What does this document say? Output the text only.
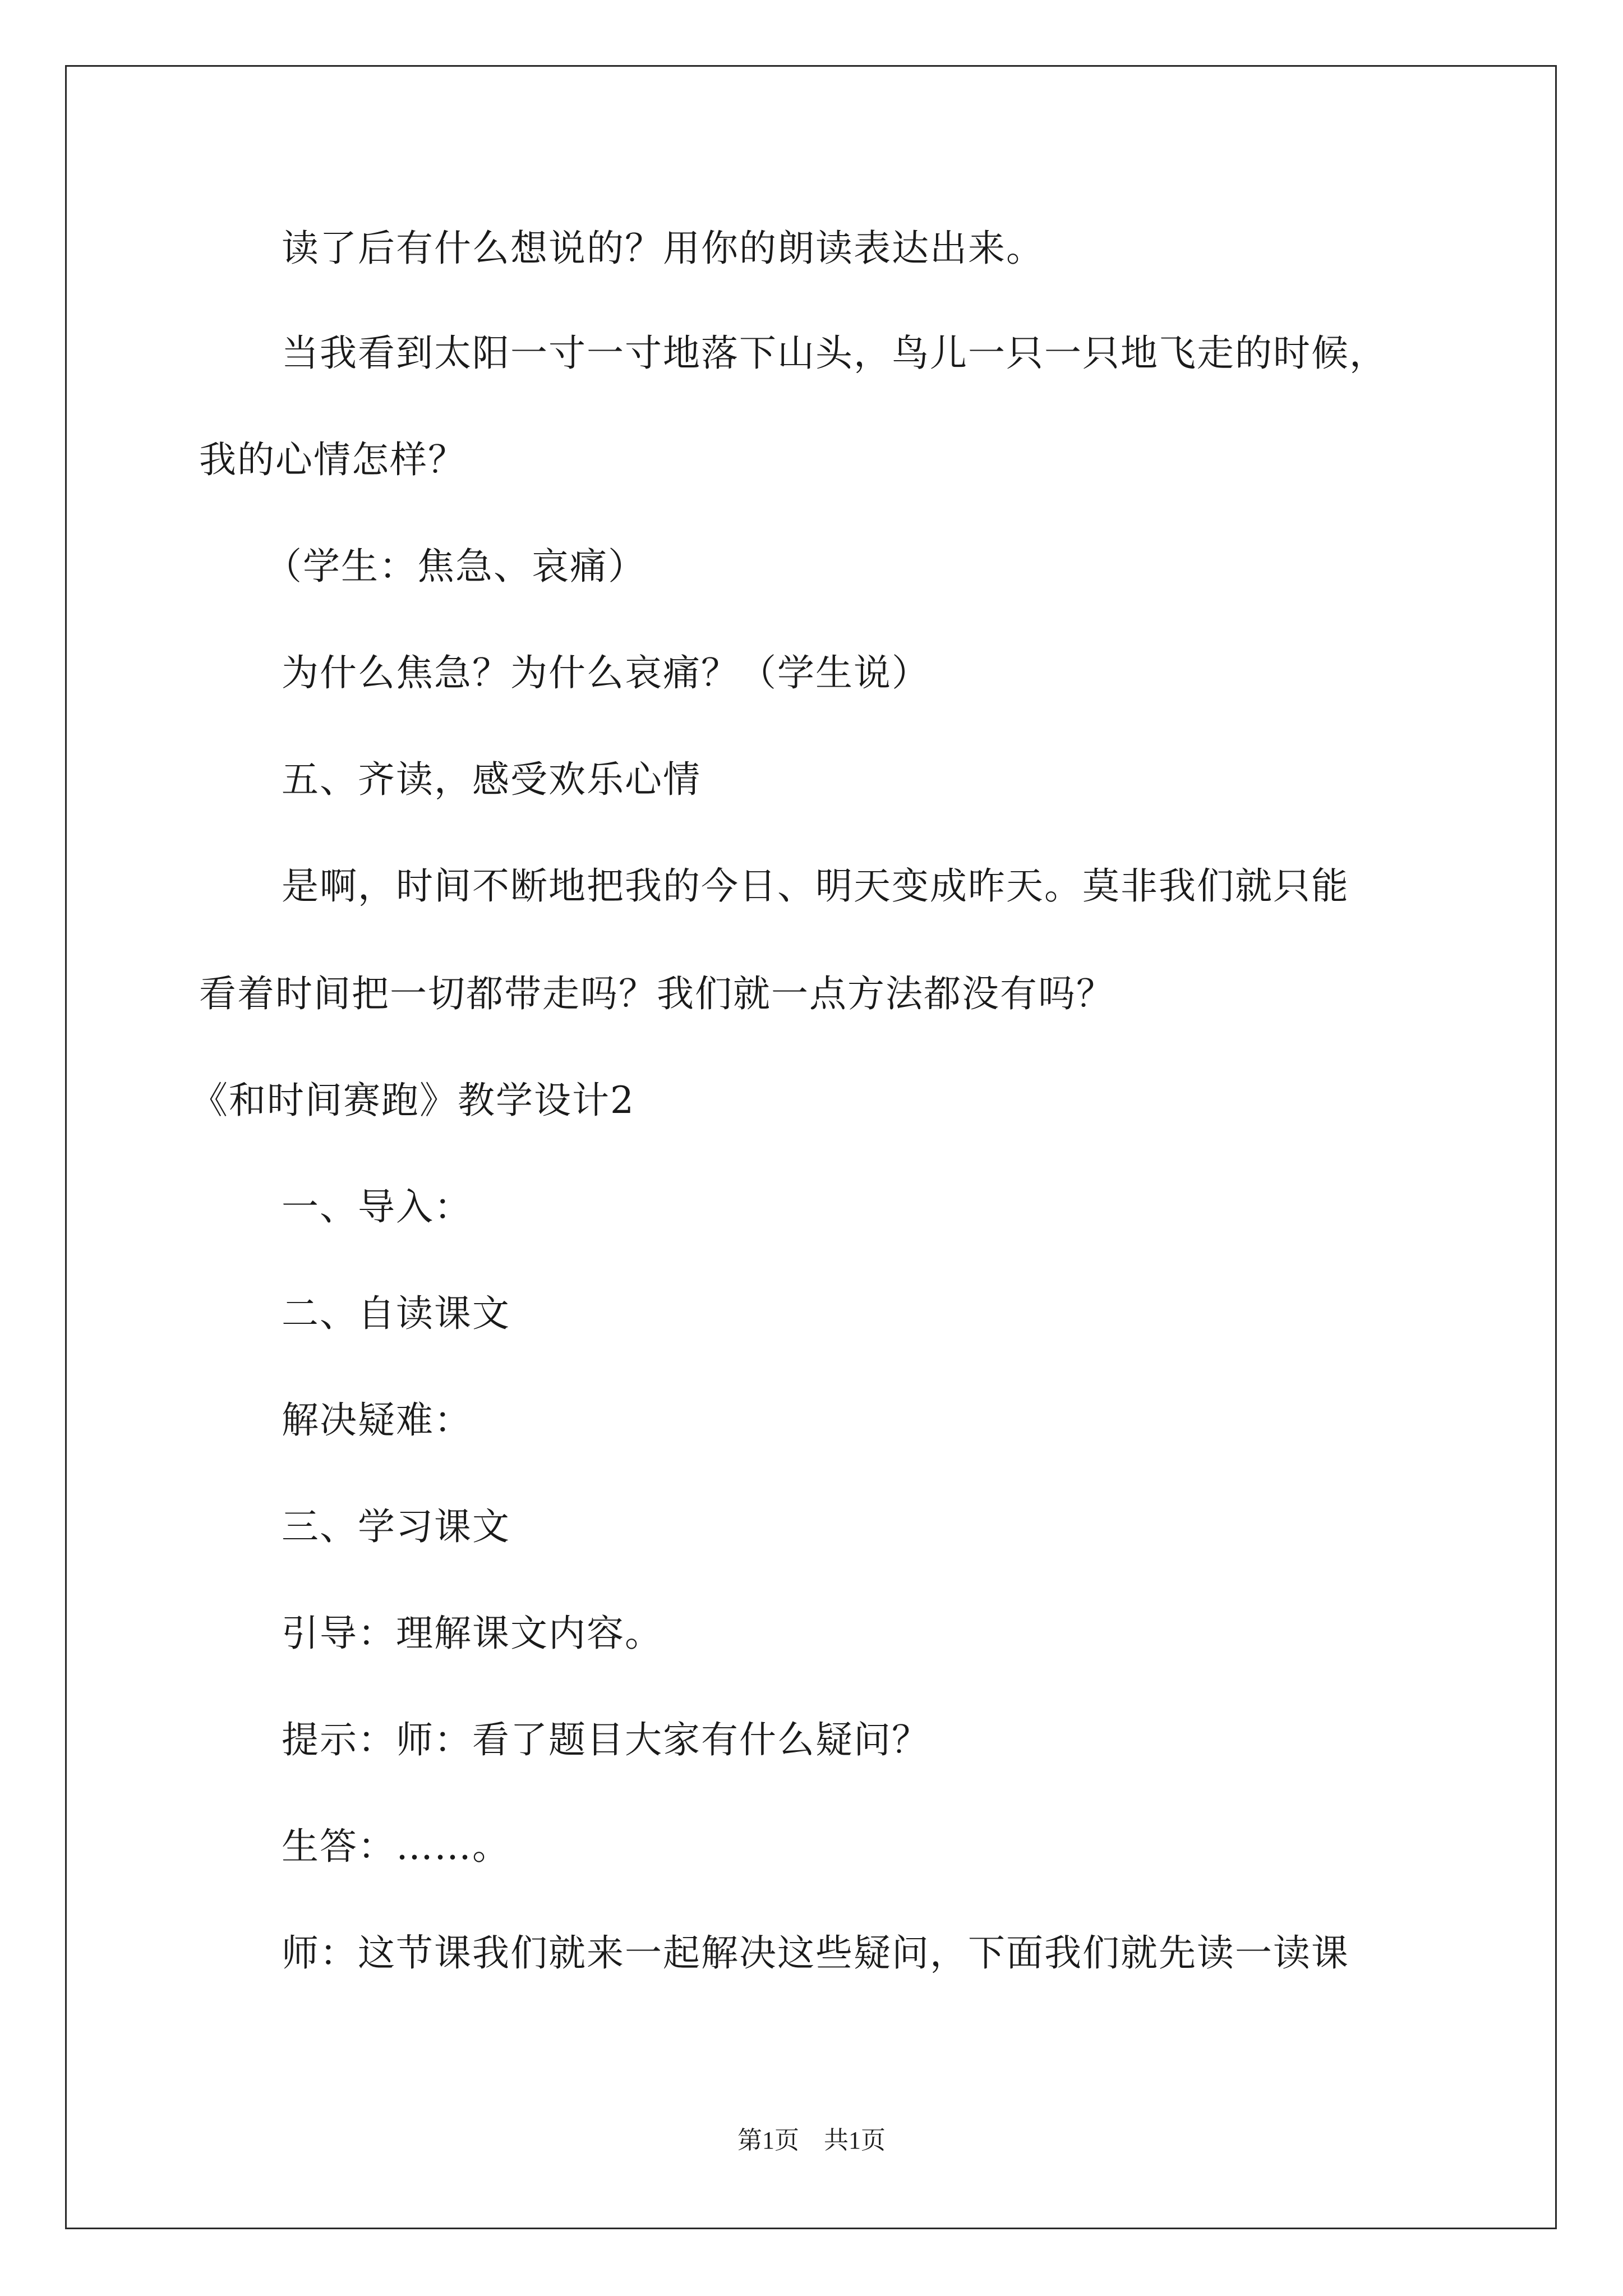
读了后有什么想说的？用你的朗读表达出来。
当我看到太阳一寸一寸地落下山头，鸟儿一只一只地飞走的时候，
我的心情怎样？
（学生：焦急、哀痛）
为什么焦急？为什么哀痛？（学生说）
五、齐读，感受欢乐心情
是啊，时间不断地把我的今日、明天变成昨天。莫非我们就只能
看着时间把一切都带走吗？我们就一点方法都没有吗？
《和时间赛跑》教学设计2
一、导入：
二、自读课文
解决疑难：
三、学习课文
引导：理解课文内容。
提示：师：看了题目大家有什么疑问？
生答：……。
师：这节课我们就来一起解决这些疑问，下面我们就先读一读课
第1页 共1页
